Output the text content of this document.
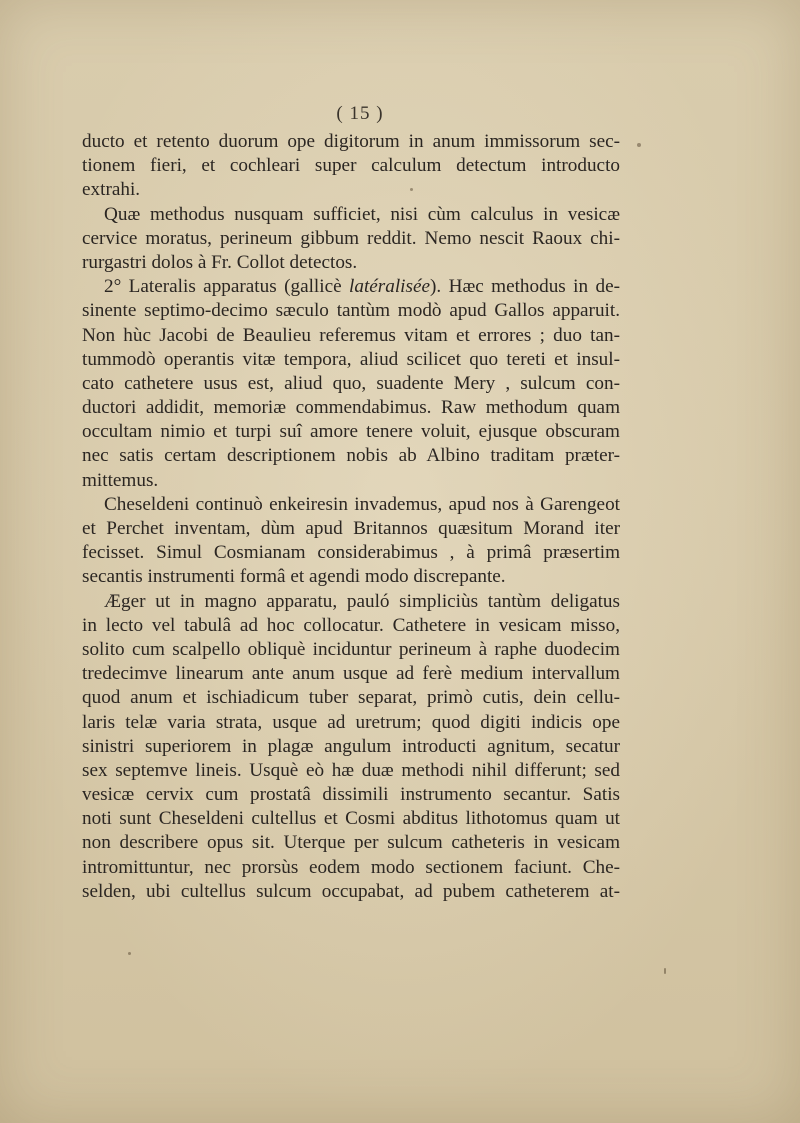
( 15 )
ducto et retento duorum ope digitorum in anum immissorum sec-
tionem fieri, et cochleari super calculum detectum introducto
extrahi.
Quæ methodus nusquam sufficiet, nisi cùm calculus in vesicæ
cervice moratus, perineum gibbum reddit. Nemo nescit Raoux chi-
rurgastri dolos à Fr. Collot detectos.
2° Lateralis apparatus (gallicè latéralisée). Hæc methodus in de-
sinente septimo-decimo sæculo tantùm modò apud Gallos apparuit.
Non hùc Jacobi de Beaulieu referemus vitam et errores ; duo tan-
tummodò operantis vitæ tempora, aliud scilicet quo tereti et insul-
cato cathetere usus est, aliud quo, suadente Mery , sulcum con-
ductori addidit, memoriæ commendabimus. Raw methodum quam
occultam nimio et turpi suî amore tenere voluit, ejusque obscuram
nec satis certam descriptionem nobis ab Albino traditam præter-
mittemus.
Cheseldeni continuò enkeiresin invademus, apud nos à Garengeot
et Perchet inventam, dùm apud Britannos quæsitum Morand iter
fecisset. Simul Cosmianam considerabimus , à primâ præsertim
secantis instrumenti formâ et agendi modo discrepante.
Æger ut in magno apparatu, pauló simpliciùs tantùm deligatus
in lecto vel tabulâ ad hoc collocatur. Cathetere in vesicam misso,
solito cum scalpello obliquè inciduntur perineum à raphe duodecim
tredecimve linearum ante anum usque ad ferè medium intervallum
quod anum et ischiadicum tuber separat, primò cutis, dein cellu-
laris telæ varia strata, usque ad uretrum; quod digiti indicis ope
sinistri superiorem in plagæ angulum introducti agnitum, secatur
sex septemve lineis. Usquè eò hæ duæ methodi nihil differunt; sed
vesicæ cervix cum prostatâ dissimili instrumento secantur. Satis
noti sunt Cheseldeni cultellus et Cosmi abditus lithotomus quam ut
non describere opus sit. Uterque per sulcum catheteris in vesicam
intromittuntur, nec prorsùs eodem modo sectionem faciunt. Che-
selden, ubi cultellus sulcum occupabat, ad pubem catheterem at-
